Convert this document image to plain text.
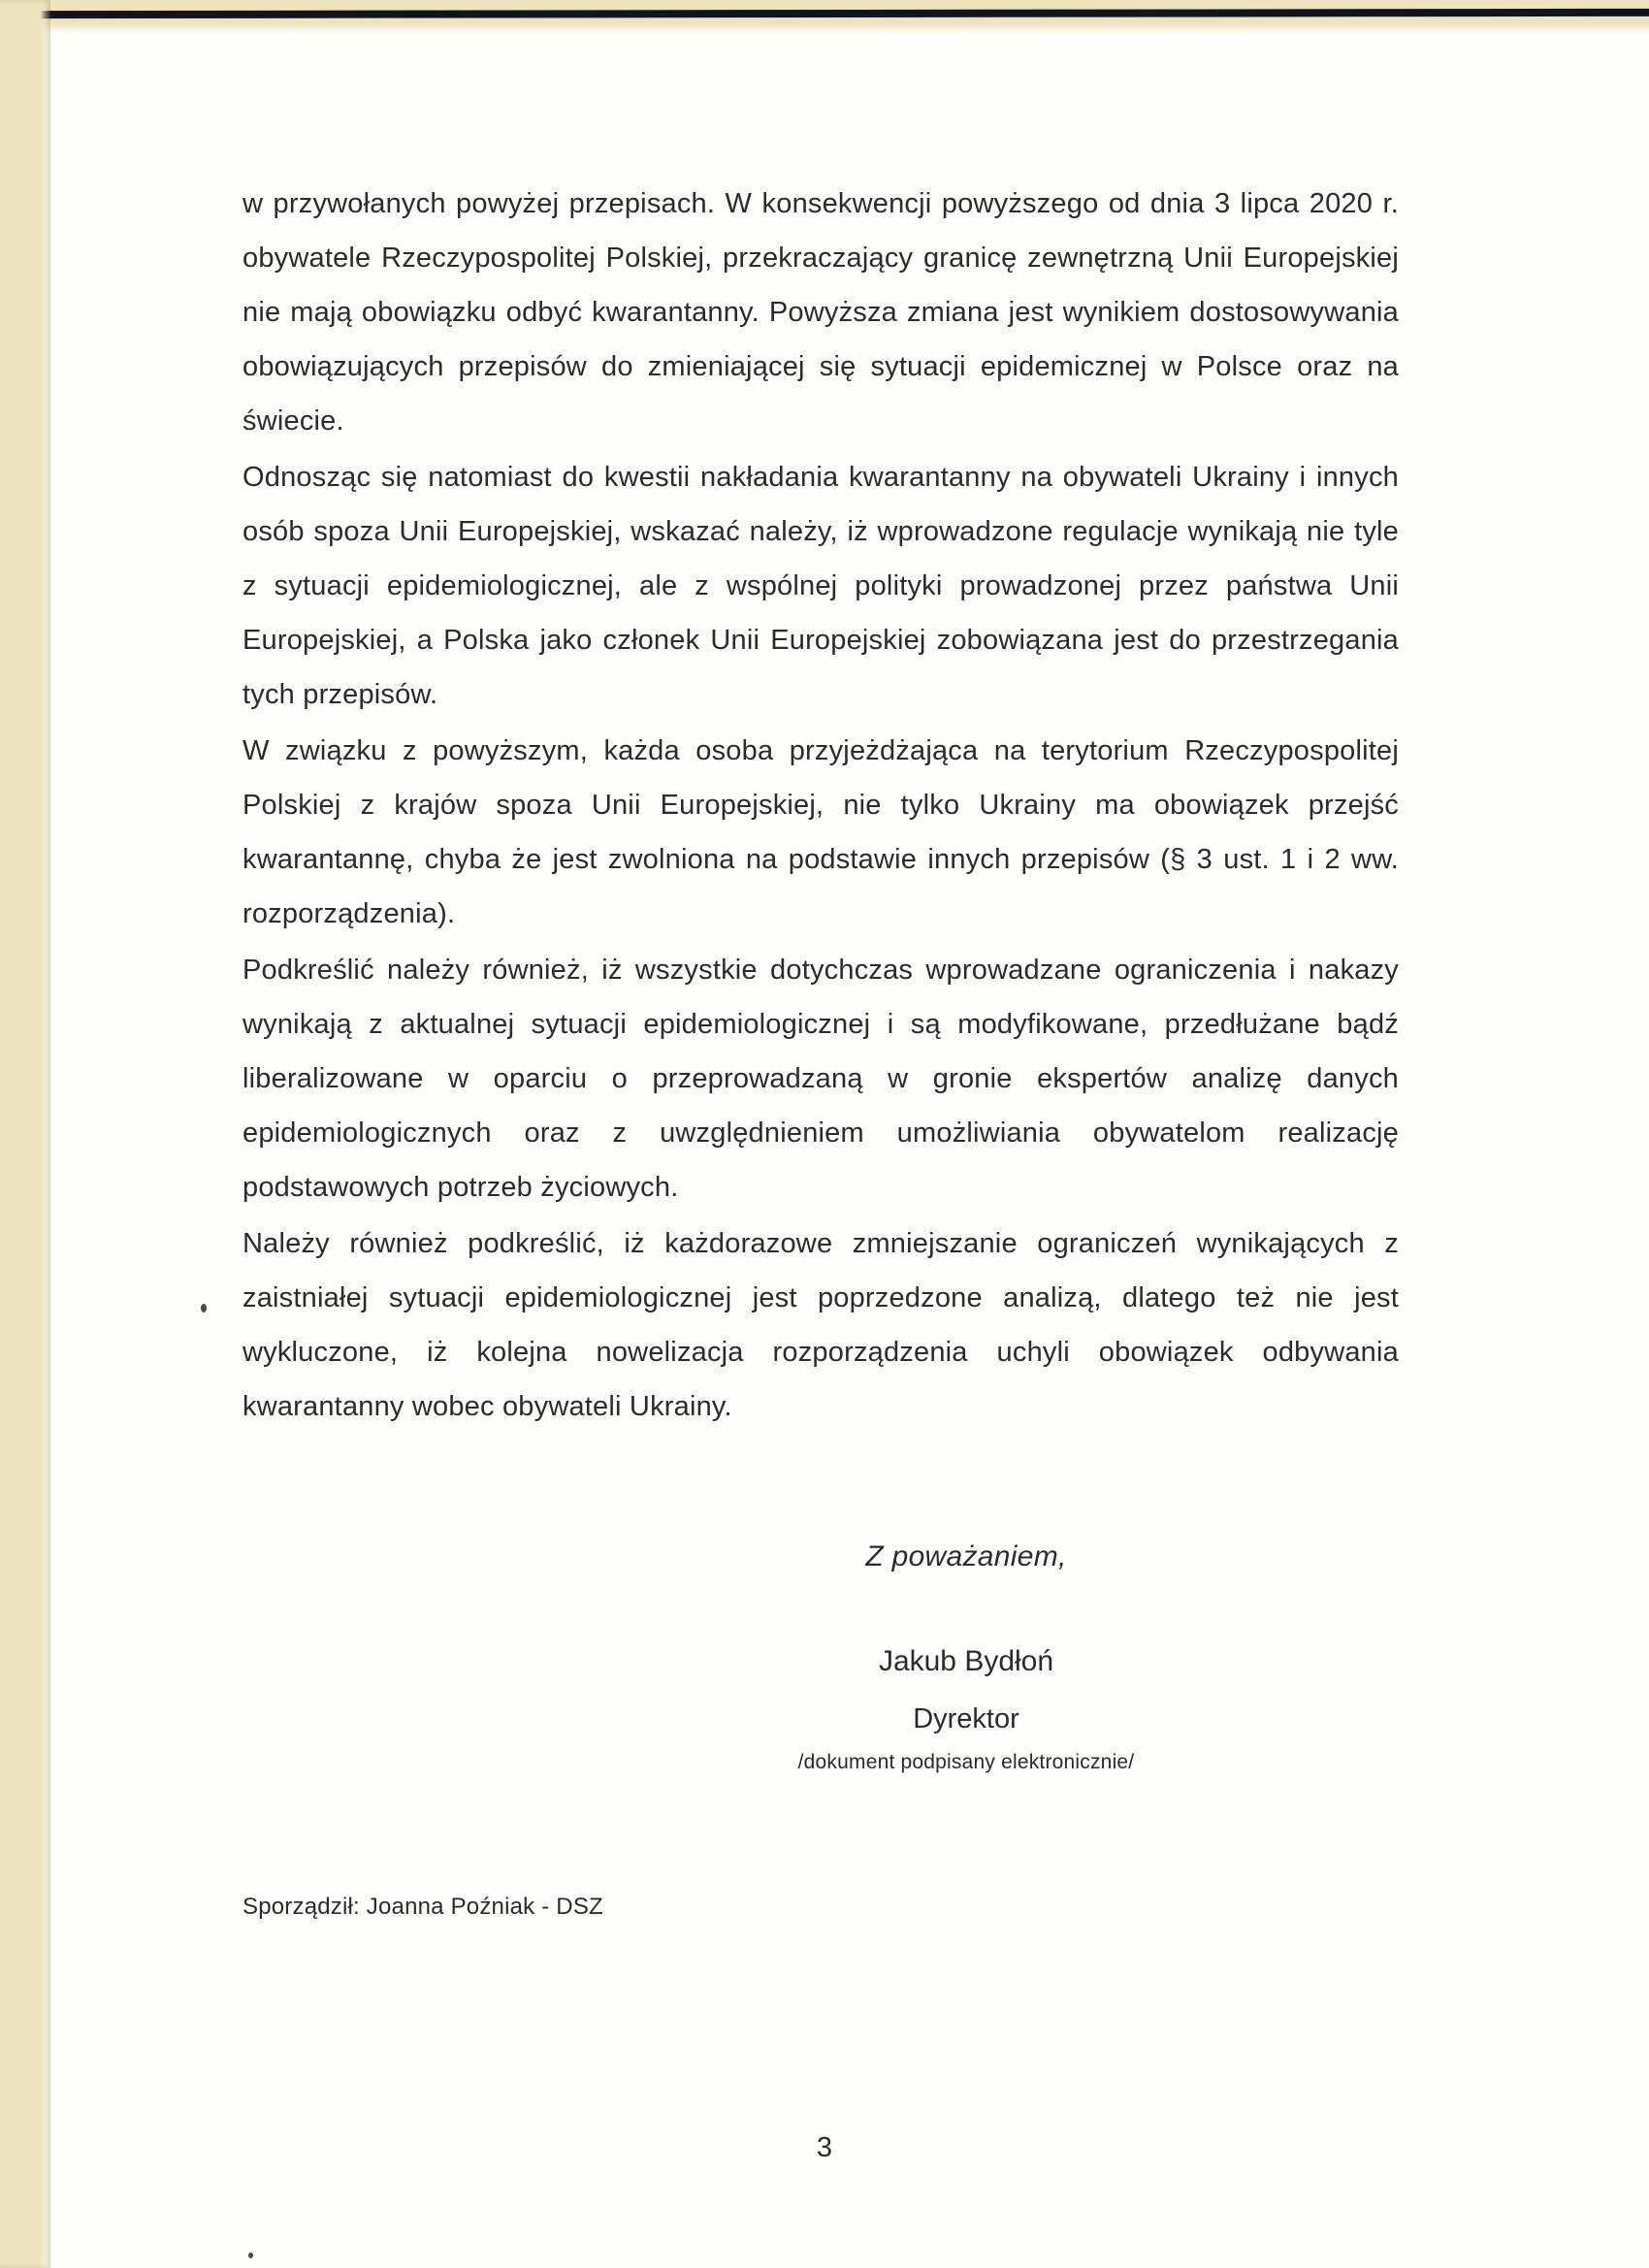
w przywołanych powyżej przepisach. W konsekwencji powyższego od dnia 3 lipca 2020 r. obywatele Rzeczypospolitej Polskiej, przekraczający granicę zewnętrzną Unii Europejskiej nie mają obowiązku odbyć kwarantanny. Powyższa zmiana jest wynikiem dostosowywania obowiązujących przepisów do zmieniającej się sytuacji epidemicznej w Polsce oraz na świecie.

Odnosząc się natomiast do kwestii nakładania kwarantanny na obywateli Ukrainy i innych osób spoza Unii Europejskiej, wskazać należy, iż wprowadzone regulacje wynikają nie tyle z sytuacji epidemiologicznej, ale z wspólnej polityki prowadzonej przez państwa Unii Europejskiej, a Polska jako członek Unii Europejskiej zobowiązana jest do przestrzegania tych przepisów.

W związku z powyższym, każda osoba przyjeżdżająca na terytorium Rzeczypospolitej Polskiej z krajów spoza Unii Europejskiej, nie tylko Ukrainy ma obowiązek przejść kwarantannę, chyba że jest zwolniona na podstawie innych przepisów (§ 3 ust. 1 i 2 ww. rozporządzenia).

Podkreślić należy również, iż wszystkie dotychczas wprowadzane ograniczenia i nakazy wynikają z aktualnej sytuacji epidemiologicznej i są modyfikowane, przedłużane bądź liberalizowane w oparciu o przeprowadzaną w gronie ekspertów analizę danych epidemiologicznych oraz z uwzględnieniem umożliwiania obywatelom realizację podstawowych potrzeb życiowych.

Należy również podkreślić, iż każdorazowe zmniejszanie ograniczeń wynikających z zaistniałej sytuacji epidemiologicznej jest poprzedzone analizą, dlatego też nie jest wykluczone, iż kolejna nowelizacja rozporządzenia uchyli obowiązek odbywania kwarantanny wobec obywateli Ukrainy.

Z poważaniem,
Jakub Bydłoń
Dyrektor
/dokument podpisany elektronicznie/
Sporządził: Joanna Poźniak - DSZ
3
